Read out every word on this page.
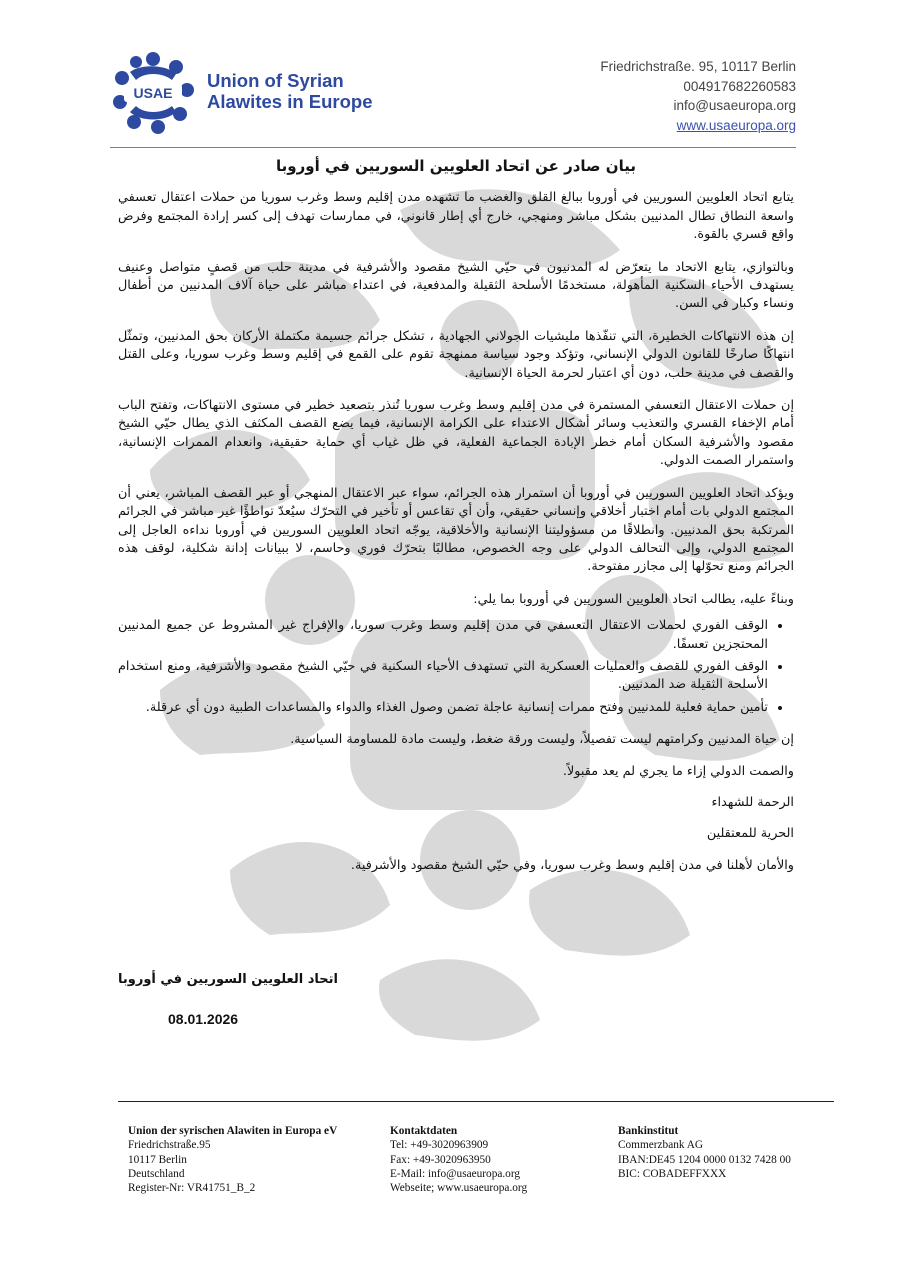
USAE
Union of Syrian
Alawites in Europe
Friedrichstraße. 95, 10117 Berlin
004917682260583
info@usaeuropa.org
www.usaeuropa.org
بيان صادر عن اتحاد العلويين السوريين في أوروبا
يتابع اتحاد العلويين السوريين في أوروبا ببالغ القلق والغضب ما تشهده مدن إقليم وسط وغرب سوريا من حملات اعتقال تعسفي واسعة النطاق تطال المدنيين بشكل مباشر ومنهجي، خارج أي إطار قانوني، في ممارسات تهدف إلى كسر إرادة المجتمع وفرض واقع قسري بالقوة.
وبالتوازي، يتابع الاتحاد ما يتعرّض له المدنيون في حيّي الشيخ مقصود والأشرفية في مدينة حلب من قصفٍ متواصل وعنيف يستهدف الأحياء السكنية المأهولة، مستخدمًا الأسلحة الثقيلة والمدفعية، في اعتداء مباشر على حياة آلاف المدنيين من أطفال ونساء وكبار في السن.
إن هذه الانتهاكات الخطيرة، التي تنفّذها مليشيات الجولاني الجهادية ، تشكل جرائم جسيمة مكتملة الأركان بحق المدنيين، وتمثّل انتهاكًا صارخًا للقانون الدولي الإنساني، وتؤكد وجود سياسة ممنهجة تقوم على القمع في إقليم وسط وغرب سوريا، وعلى القتل والقصف في مدينة حلب، دون أي اعتبار لحرمة الحياة الإنسانية.
إن حملات الاعتقال التعسفي المستمرة في مدن إقليم وسط وغرب سوريا تُنذر بتصعيد خطير في مستوى الانتهاكات، وتفتح الباب أمام الإخفاء القسري والتعذيب وسائر أشكال الاعتداء على الكرامة الإنسانية، فيما يضع القصف المكثف الذي يطال حيّي الشيخ مقصود والأشرفية السكان أمام خطر الإبادة الجماعية الفعلية، في ظل غياب أي حماية حقيقية، وانعدام الممرات الإنسانية، واستمرار الصمت الدولي.
ويؤكد اتحاد العلويين السوريين في أوروبا أن استمرار هذه الجرائم، سواء عبر الاعتقال المنهجي أو عبر القصف المباشر، يعني أن المجتمع الدولي بات أمام اختبار أخلاقي وإنساني حقيقي، وأن أي تقاعس أو تأخير في التحرّك سيُعدّ تواطؤًا غير مباشر في الجرائم المرتكبة بحق المدنيين. وانطلاقًا من مسؤوليتنا الإنسانية والأخلاقية، يوجّه اتحاد العلويين السوريين في أوروبا نداءه العاجل إلى المجتمع الدولي، وإلى التحالف الدولي على وجه الخصوص، مطالبًا بتحرّك فوري وحاسم، لا ببيانات إدانة شكلية، لوقف هذه الجرائم ومنع تحوّلها إلى مجازر مفتوحة.
وبناءً عليه، يطالب اتحاد العلويين السوريين في أوروبا بما يلي:
• الوقف الفوري لحملات الاعتقال التعسفي في مدن إقليم وسط وغرب سوريا، والإفراج غير المشروط عن جميع المدنيين المحتجزين تعسفًا.
• الوقف الفوري للقصف والعمليات العسكرية التي تستهدف الأحياء السكنية في حيّي الشيخ مقصود والأشرفية، ومنع استخدام الأسلحة الثقيلة ضد المدنيين.
• تأمين حماية فعلية للمدنيين وفتح ممرات إنسانية عاجلة تضمن وصول الغذاء والدواء والمساعدات الطبية دون أي عرقلة.
إن حياة المدنيين وكرامتهم ليست تفصيلاً، وليست ورقة ضغط، وليست مادة للمساومة السياسية.
والصمت الدولي إزاء ما يجري لم يعد مقبولاً.
الرحمة للشهداء
الحرية للمعتقلين
والأمان لأهلنا في مدن إقليم وسط وغرب سوريا، وفي حيّي الشيخ مقصود والأشرفية.
اتحاد العلويين السوريين في أوروبا
08.01.2026
Union der syrischen Alawiten in Europa eV
Friedrichstraße.95
10117 Berlin
Deutschland
Register-Nr: VR41751_B_2
Kontaktdaten
Tel: +49-3020963909
Fax: +49-3020963950
E-Mail: info@usaeuropa.org
Webseite; www.usaeuropa.org
Bankinstitut
Commerzbank AG
IBAN:DE45 1204 0000 0132 7428 00
BIC: COBADEFFXXX
